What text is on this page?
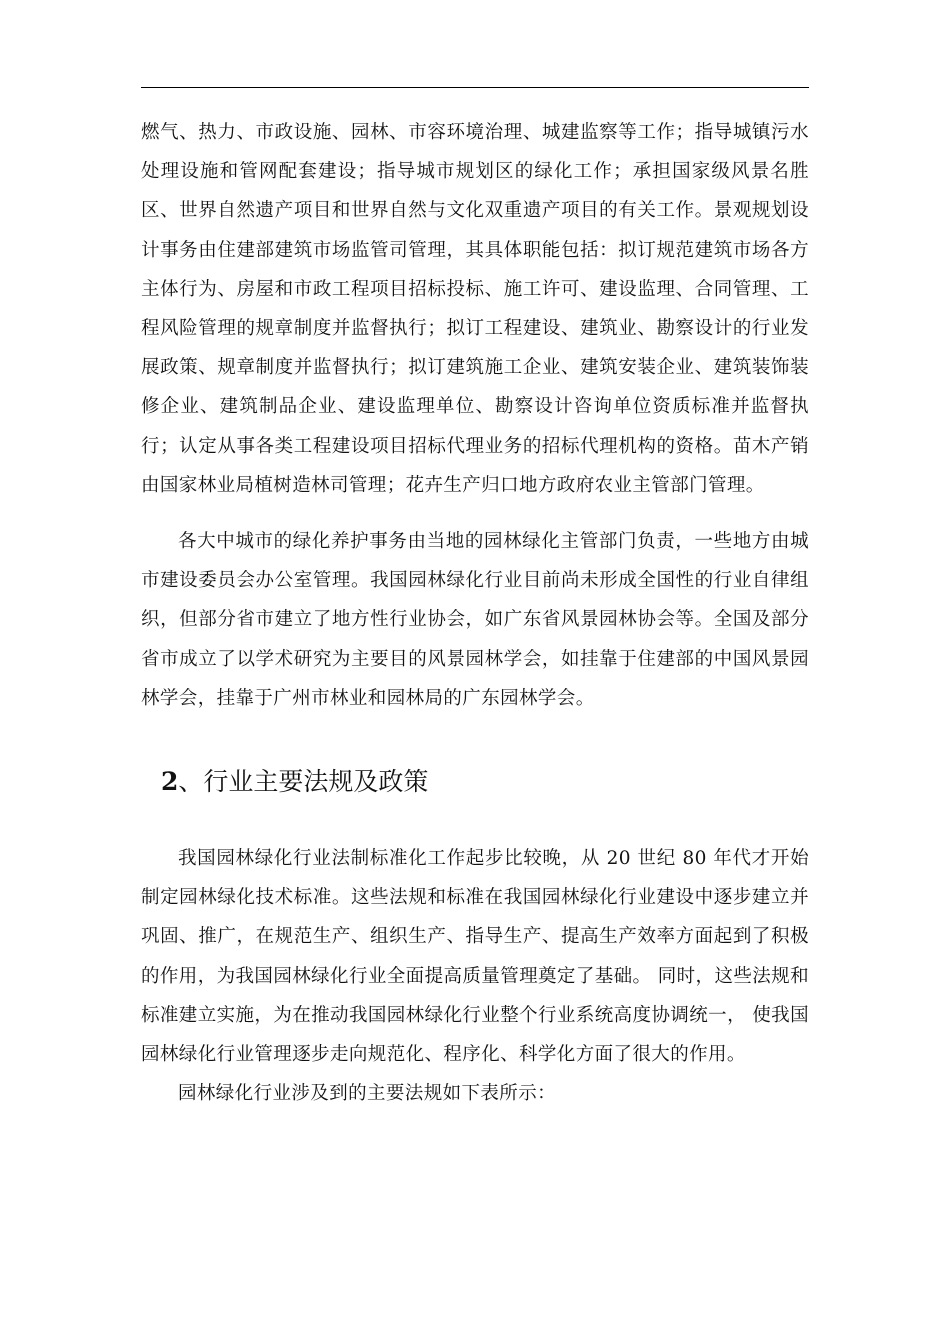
燃气、热力、市政设施、园林、市容环境治理、城建监察等工作；指导城镇污水处理设施和管网配套建设；指导城市规划区的绿化工作；承担国家级风景名胜区、世界自然遗产项目和世界自然与文化双重遗产项目的有关工作。景观规划设计事务由住建部建筑市场监管司管理，其具体职能包括：拟订规范建筑市场各方主体行为、房屋和市政工程项目招标投标、施工许可、建设监理、合同管理、工程风险管理的规章制度并监督执行；拟订工程建设、建筑业、勘察设计的行业发展政策、规章制度并监督执行；拟订建筑施工企业、建筑安装企业、建筑装饰装修企业、建筑制品企业、建设监理单位、勘察设计咨询单位资质标准并监督执行；认定从事各类工程建设项目招标代理业务的招标代理机构的资格。苗木产销由国家林业局植树造林司管理；花卉生产归口地方政府农业主管部门管理。

各大中城市的绿化养护事务由当地的园林绿化主管部门负责，一些地方由城市建设委员会办公室管理。我国园林绿化行业目前尚未形成全国性的行业自律组织，但部分省市建立了地方性行业协会，如广东省风景园林协会等。全国及部分省市成立了以学术研究为主要目的风景园林学会，如挂靠于住建部的中国风景园林学会，挂靠于广州市林业和园林局的广东园林学会。

2、行业主要法规及政策

我国园林绿化行业法制标准化工作起步比较晚，从 20 世纪 80 年代才开始制定园林绿化技术标准。这些法规和标准在我国园林绿化行业建设中逐步建立并巩固、推广，在规范生产、组织生产、指导生产、提高生产效率方面起到了积极的作用，为我国园林绿化行业全面提高质量管理奠定了基础。 同时，这些法规和标准建立实施，为在推动我国园林绿化行业整个行业系统高度协调统一， 使我国园林绿化行业管理逐步走向规范化、程序化、科学化方面了很大的作用。

园林绿化行业涉及到的主要法规如下表所示：
